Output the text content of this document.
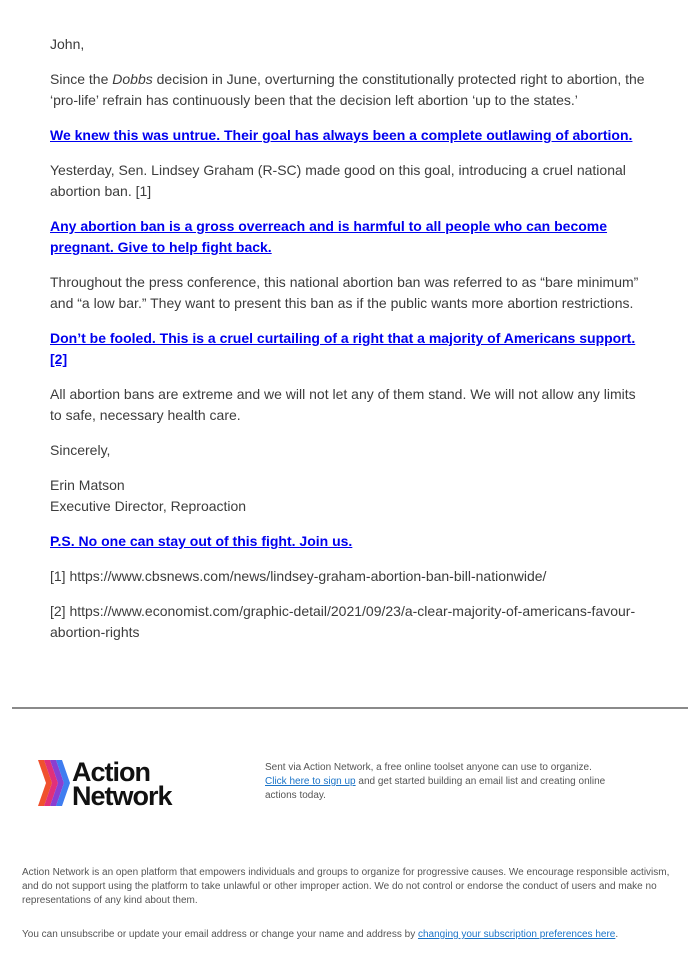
John,

Since the Dobbs decision in June, overturning the constitutionally protected right to abortion, the ‘pro-life’ refrain has continuously been that the decision left abortion ‘up to the states.’

We knew this was untrue. Their goal has always been a complete outlawing of abortion.

Yesterday, Sen. Lindsey Graham (R-SC) made good on this goal, introducing a cruel national abortion ban. [1]

Any abortion ban is a gross overreach and is harmful to all people who can become pregnant. Give to help fight back.

Throughout the press conference, this national abortion ban was referred to as “bare minimum” and “a low bar.” They want to present this ban as if the public wants more abortion restrictions.

Don’t be fooled. This is a cruel curtailing of a right that a majority of Americans support. [2]

All abortion bans are extreme and we will not let any of them stand. We will not allow any limits to safe, necessary health care.

Sincerely,

Erin Matson
Executive Director, Reproaction

P.S. No one can stay out of this fight. Join us.

[1] https://www.cbsnews.com/news/lindsey-graham-abortion-ban-bill-nationwide/

[2] https://www.economist.com/graphic-detail/2021/09/23/a-clear-majority-of-americans-favour-abortion-rights

Action
Network
Sent via Action Network, a free online toolset anyone can use to organize.
Click here to sign up and get started building an email list and creating online actions today.
Action Network is an open platform that empowers individuals and groups to organize for progressive causes. We encourage responsible activism, and do not support using the platform to take unlawful or other improper action. We do not control or endorse the conduct of users and make no representations of any kind about them.
You can unsubscribe or update your email address or change your name and address by changing your subscription preferences here.
